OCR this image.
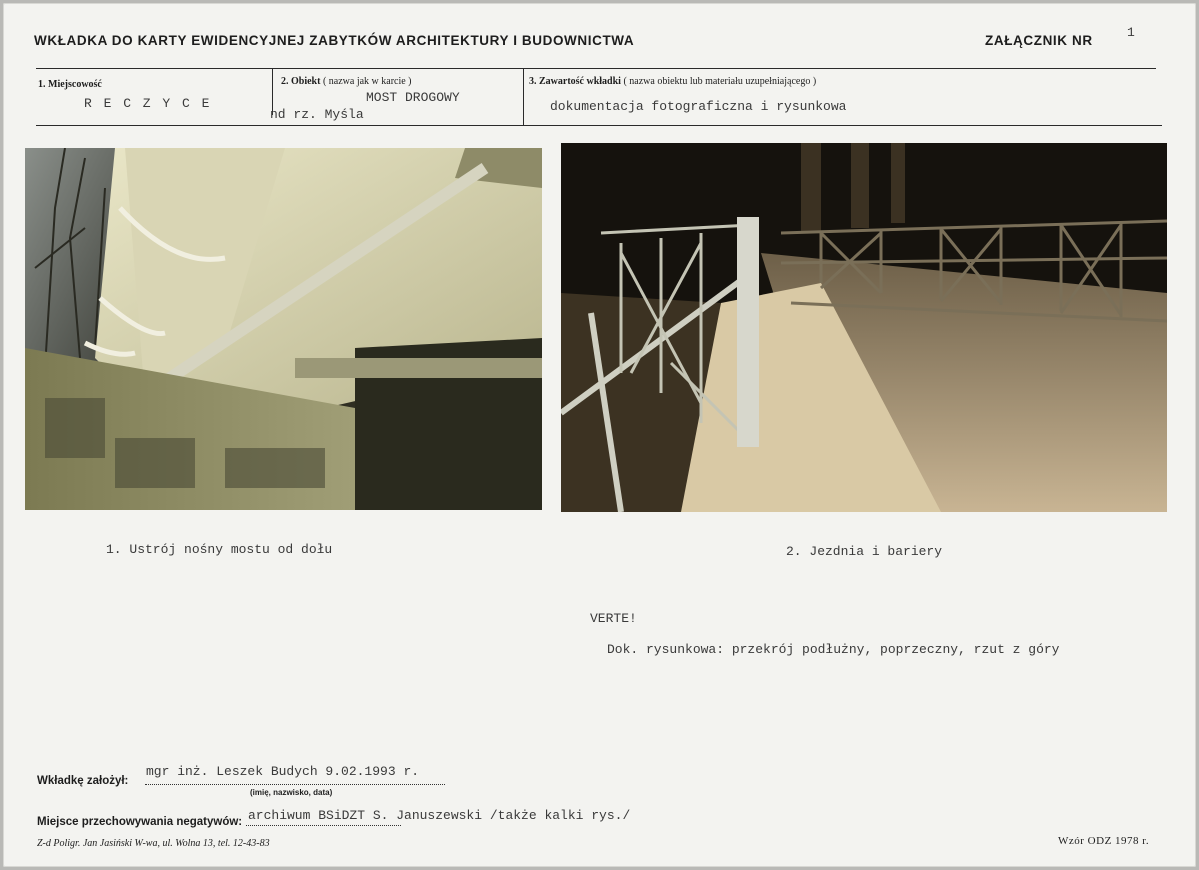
WKŁADKA DO KARTY EWIDENCYJNEJ ZABYTKÓW ARCHITEKTURY I BUDOWNICTWA	ZAŁĄCZNIK NR
1
1. Miejscowość
R E C Z Y C E
2. Obiekt ( nazwa jak w karcie )
MOST DROGOWY
nd rz. Myśla
3. Zawartość wkładki ( nazwa obiektu lub materiału uzupełniającego )
dokumentacja fotograficzna i rysunkowa
1. Ustrój nośny mostu od dołu	2. Jezdnia i bariery
VERTE!
Dok. rysunkowa: przekrój podłużny, poprzeczny, rzut z góry
Wkładkę założył:
mgr inż. Leszek Budych 9.02.1993 r.
(imię, nazwisko, data)
Miejsce przechowywania negatywów: archiwum BSiDZT S. Januszewski /także kalki rys./
Z-d Poligr. Jan Jasiński W-wa, ul. Wolna 13, tel. 12-43-83	Wzór ODZ 1978 r.
